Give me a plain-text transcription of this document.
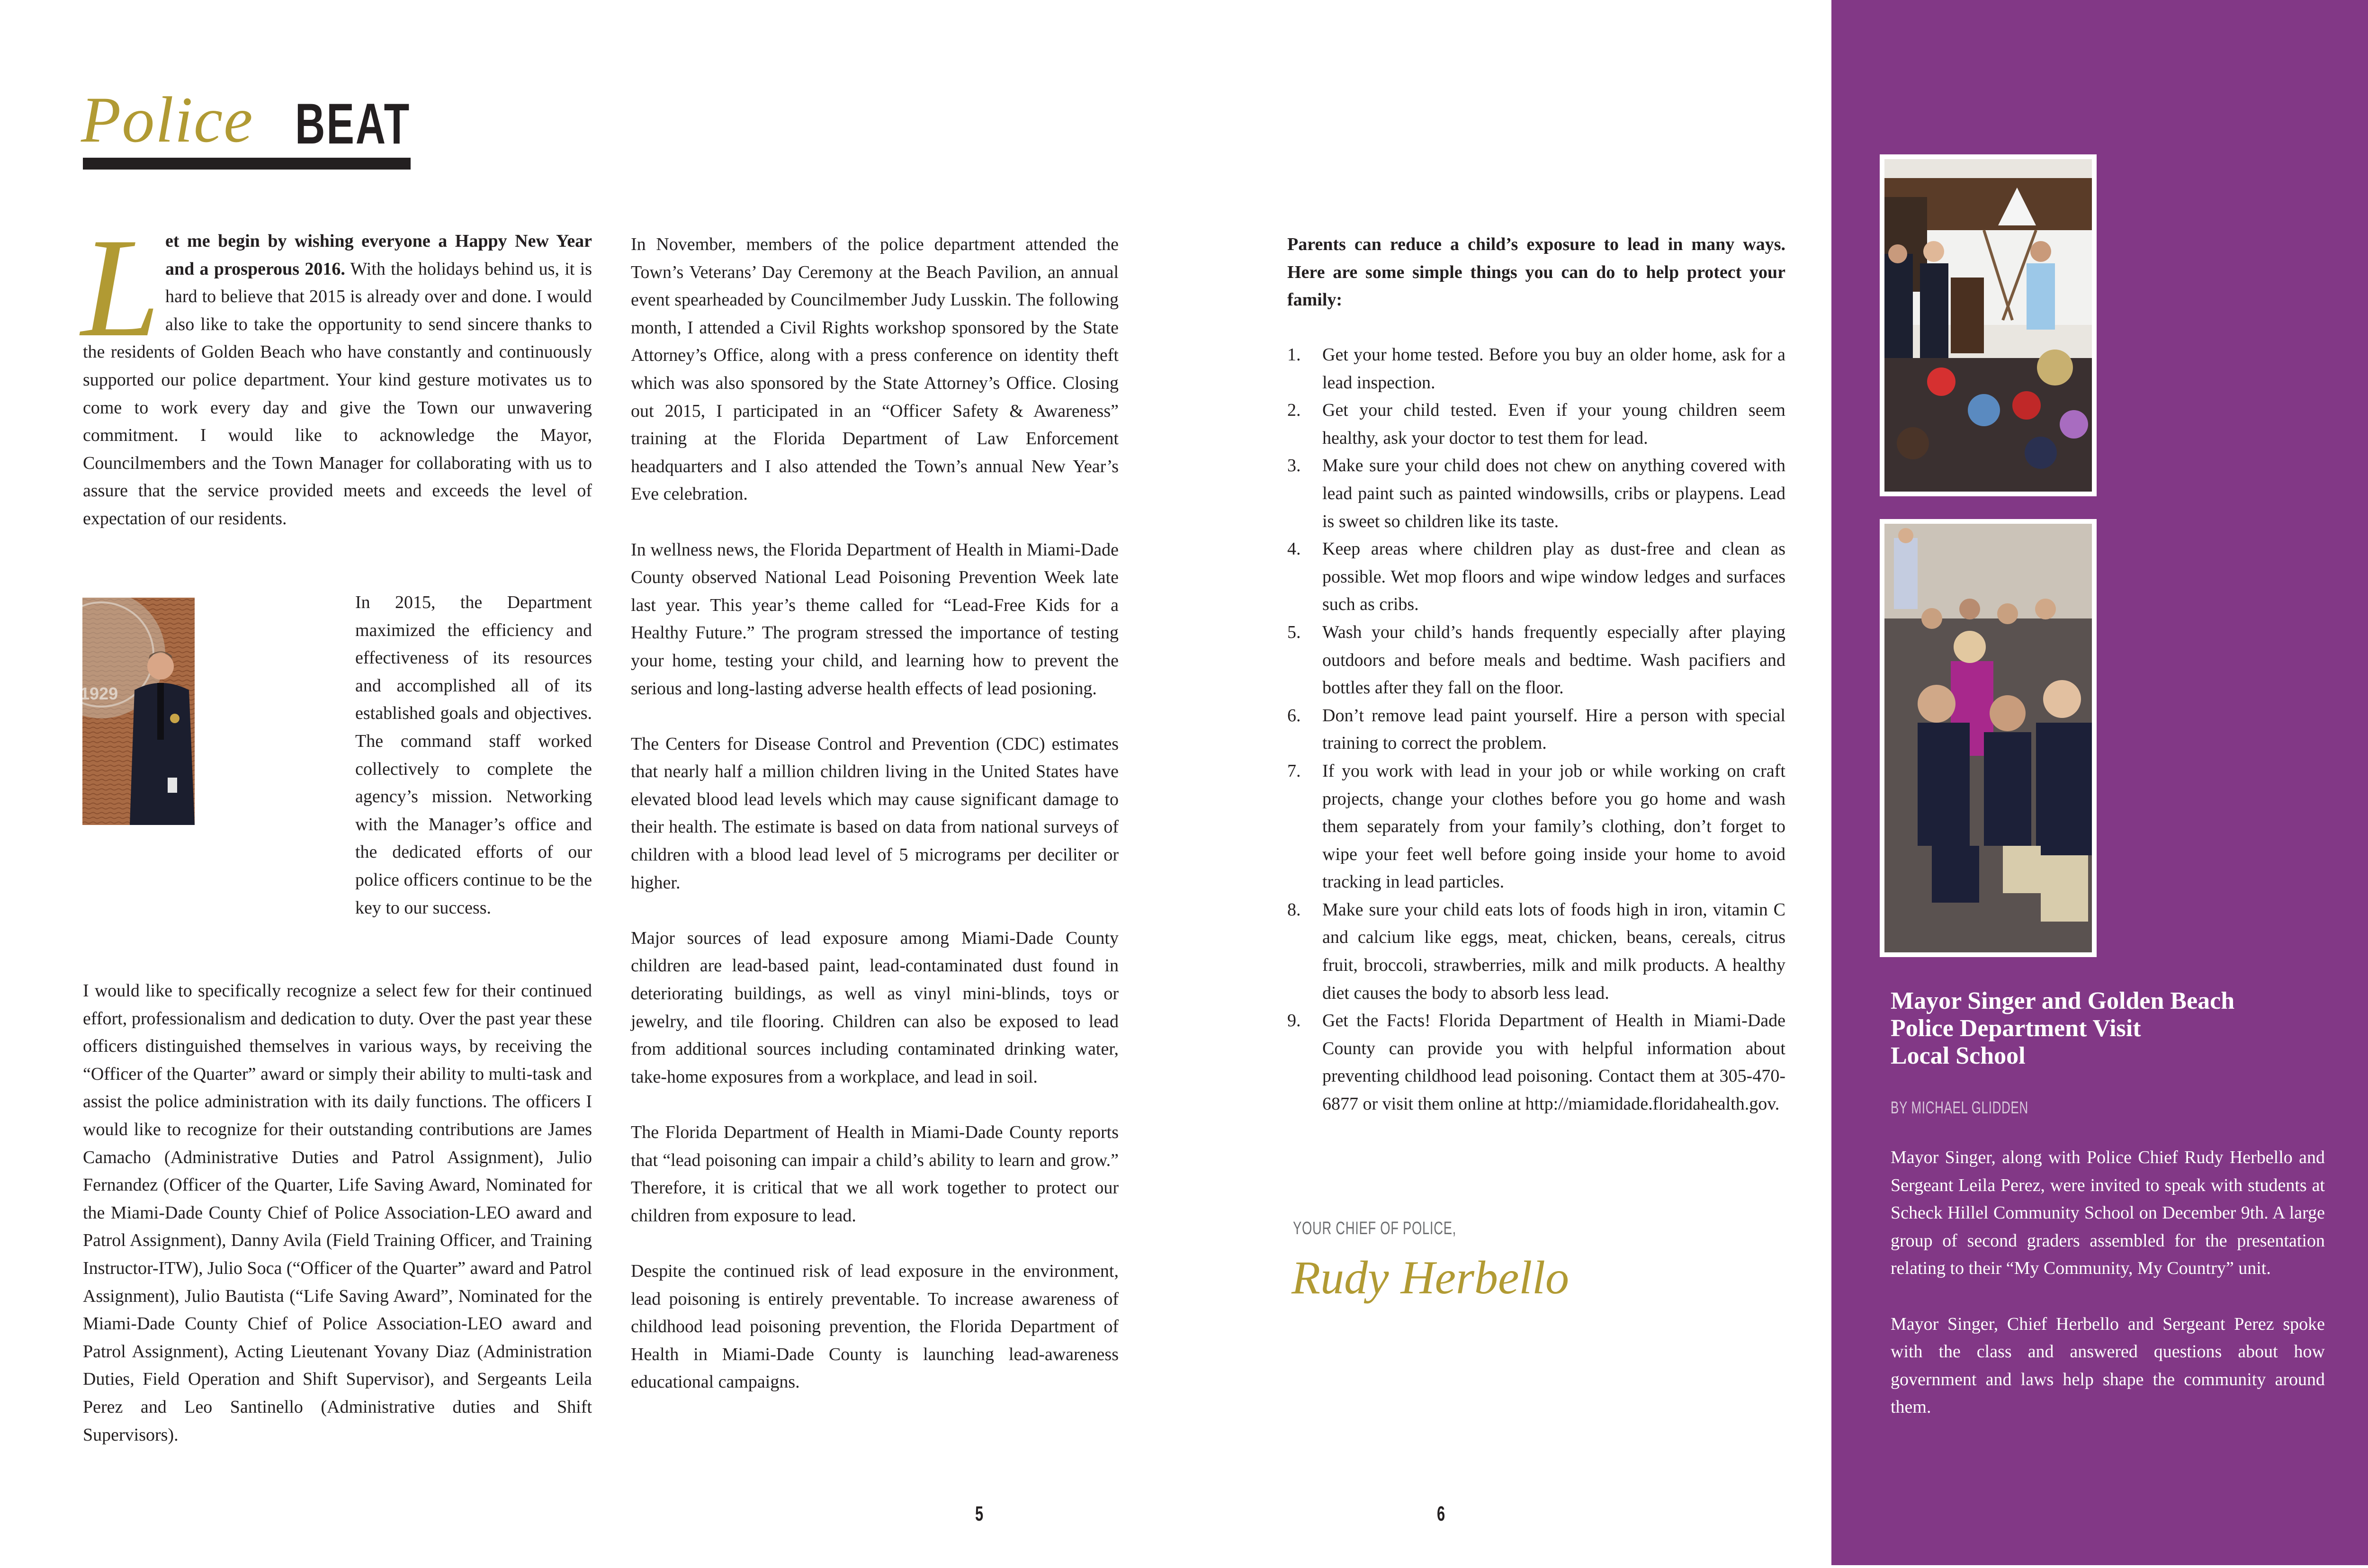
Police BEAT
L et me begin by wishing everyone a Happy New Year and a prosperous 2016. With the holidays behind us, it is hard to believe that 2015 is already over and done. I would also like to take the opportunity to send sincere thanks to the residents of Golden Beach who have constantly and continuously supported our police department. Your kind gesture motivates us to come to work every day and give the Town our unwavering commitment. I would like to acknowledge the Mayor, Councilmembers and the Town Manager for collaborating with us to assure that the service provided meets and exceeds the level of expectation of our residents.
1929

In 2015, the Department maximized the efficiency and effectiveness of its resources and accomplished all of its established goals and objectives. The command staff worked collectively to complete the agency’s mission. Networking with the Manager’s office and the dedicated efforts of our police officers continue to be the key to our success.

I would like to specifically recognize a select few for their continued effort, professionalism and dedication to duty. Over the past year these officers distinguished themselves in various ways, by receiving the “Officer of the Quarter” award or simply their ability to multi-task and assist the police administration with its daily functions. The officers I would like to recognize for their outstanding contributions are James Camacho (Administrative Duties and Patrol Assignment), Julio Fernandez (Officer of the Quarter, Life Saving Award, Nominated for the Miami-Dade County Chief of Police Association-LEO award and Patrol Assignment), Danny Avila (Field Training Officer, and Training Instructor-ITW), Julio Soca (“Officer of the Quarter” award and Patrol Assignment), Julio Bautista (“Life Saving Award”, Nominated for the Miami-Dade County Chief of Police Association-LEO award and Patrol Assignment), Acting Lieutenant Yovany Diaz (Administration Duties, Field Operation and Shift Supervisor), and Sergeants Leila Perez and Leo Santinello (Administrative duties and Shift Supervisors).

In November, members of the police department attended the Town’s Veterans’ Day Ceremony at the Beach Pavilion, an annual event spearheaded by Councilmember Judy Lusskin. The following month, I attended a Civil Rights workshop sponsored by the State Attorney’s Office, along with a press conference on identity theft which was also sponsored by the State Attorney’s Office. Closing out 2015, I participated in an “Officer Safety & Awareness” training at the Florida Department of Law Enforcement headquarters and I also attended the Town’s annual New Year’s Eve celebration.

In wellness news, the Florida Department of Health in Miami-Dade County observed National Lead Poisoning Prevention Week late last year. This year’s theme called for “Lead-Free Kids for a Healthy Future.” The program stressed the importance of testing your home, testing your child, and learning how to prevent the serious and long-lasting adverse health effects of lead posioning.

The Centers for Disease Control and Prevention (CDC) estimates that nearly half a million children living in the United States have elevated blood lead levels which may cause significant damage to their health. The estimate is based on data from national surveys of children with a blood lead level of 5 micrograms per deciliter or higher.

Major sources of lead exposure among Miami-Dade County children are lead-based paint, lead-contaminated dust found in deteriorating buildings, as well as vinyl mini-blinds, toys or jewelry, and tile flooring. Children can also be exposed to lead from additional sources including contaminated drinking water, take-home exposures from a workplace, and lead in soil.

The Florida Department of Health in Miami-Dade County reports that “lead poisoning can impair a child’s ability to learn and grow.” Therefore, it is critical that we all work together to protect our children from exposure to lead.

Despite the continued risk of lead exposure in the environment, lead poisoning is entirely preventable. To increase awareness of childhood lead poisoning prevention, the Florida Department of Health in Miami-Dade County is launching lead-awareness educational campaigns.

5
Parents can reduce a child’s exposure to lead in many ways. Here are some simple things you can do to help protect your family:
1. Get your home tested. Before you buy an older home, ask for a lead inspection.
2. Get your child tested. Even if your young children seem healthy, ask your doctor to test them for lead.
3. Make sure your child does not chew on anything covered with lead paint such as painted windowsills, cribs or playpens. Lead is sweet so children like its taste.
4. Keep areas where children play as dust-free and clean as possible. Wet mop floors and wipe window ledges and surfaces such as cribs.
5. Wash your child’s hands frequently especially after playing outdoors and before meals and bedtime. Wash pacifiers and bottles after they fall on the floor.
6. Don’t remove lead paint yourself. Hire a person with special training to correct the problem.
7. If you work with lead in your job or while working on craft projects, change your clothes before you go home and wash them separately from your family’s clothing, don’t forget to wipe your feet well before going inside your home to avoid tracking in lead particles.
8. Make sure your child eats lots of foods high in iron, vitamin C and calcium like eggs, meat, chicken, beans, cereals, citrus fruit, broccoli, strawberries, milk and milk products. A healthy diet causes the body to absorb less lead.
9. Get the Facts! Florida Department of Health in Miami-Dade County can provide you with helpful information about preventing childhood lead poisoning. Contact them at 305-470-6877 or visit them online at http://miamidade.floridahealth.gov.
YOUR CHIEF OF POLICE,
Rudy Herbello
6
Mayor Singer and Golden Beach
Police Department Visit
Local School
BY MICHAEL GLIDDEN

Mayor Singer, along with Police Chief Rudy Herbello and Sergeant Leila Perez, were invited to speak with students at Scheck Hillel Community School on December 9th. A large group of second graders assembled for the presentation relating to their “My Community, My Country” unit.

Mayor Singer, Chief Herbello and Sergeant Perez spoke with the class and answered questions about how government and laws help shape the community around them.
